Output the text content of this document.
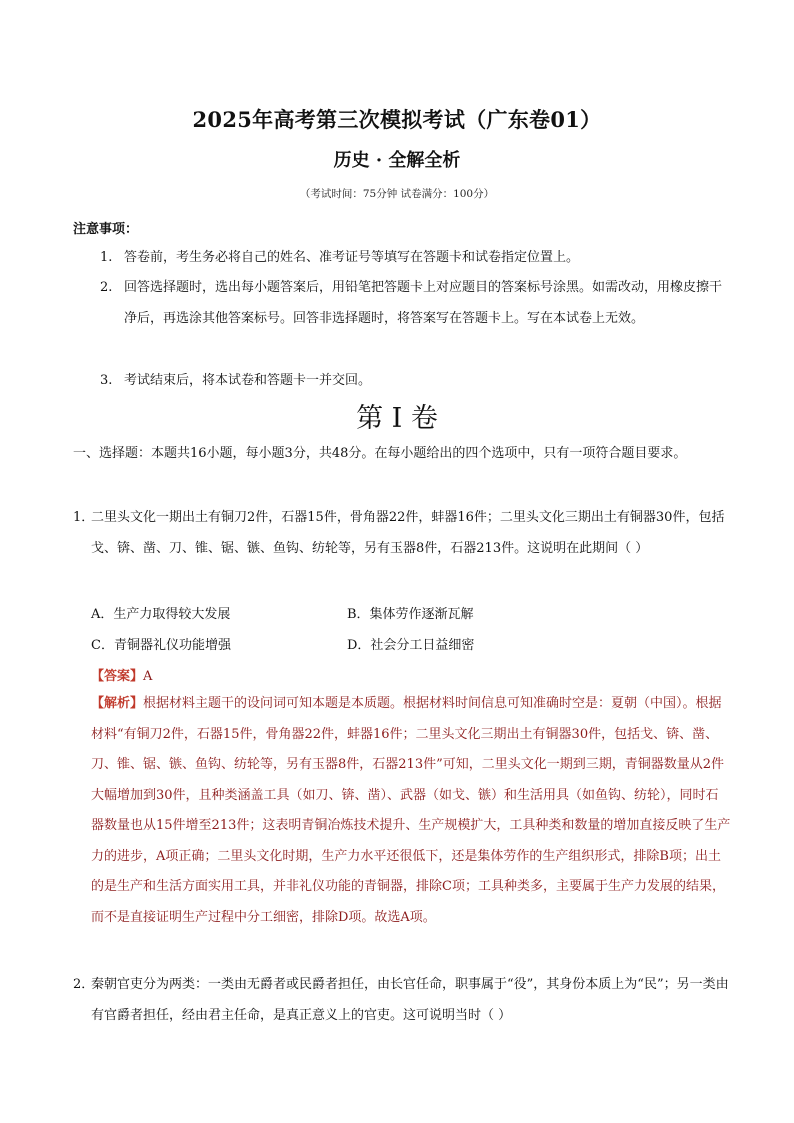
2025年高考第三次模拟考试（广东卷01）
历史 · 全解全析
（考试时间：75分钟 试卷满分：100分）
注意事项：
1. 答卷前，考生务必将自己的姓名、准考证号等填写在答题卡和试卷指定位置上。
2. 回答选择题时，选出每小题答案后，用铅笔把答题卡上对应题目的答案标号涂黑。如需改动，用橡皮擦干净后，再选涂其他答案标号。回答非选择题时，将答案写在答题卡上。写在本试卷上无效。
3. 考试结束后，将本试卷和答题卡一并交回。
第 I 卷
一、选择题：本题共16小题，每小题3分，共48分。在每小题给出的四个选项中，只有一项符合题目要求。
1．
二里头文化一期出土有铜刀2件，石器15件，骨角器22件，蚌器16件；二里头文化三期出土有铜器30件，包括戈、锛、凿、刀、锥、锯、镞、鱼钩、纺轮等，另有玉器8件，石器213件。这说明在此期间（ ）
A．生产力取得较大发展	B．集体劳作逐渐瓦解
C．青铜器礼仪功能增强	D．社会分工日益细密
【答案】A
【解析】根据材料主题干的设问词可知本题是本质题。根据材料时间信息可知准确时空是：夏朝（中国）。根据材料“有铜刀2件，石器15件，骨角器22件，蚌器16件；二里头文化三期出土有铜器30件，包括戈、锛、凿、刀、锥、锯、镞、鱼钩、纺轮等，另有玉器8件，石器213件”可知，二里头文化一期到三期，青铜器数量从2件大幅增加到30件，且种类涵盖工具（如刀、锛、凿）、武器（如戈、镞）和生活用具（如鱼钩、纺轮），同时石器数量也从15件增至213件；这表明青铜冶炼技术提升、生产规模扩大，工具种类和数量的增加直接反映了生产力的进步，A项正确；二里头文化时期，生产力水平还很低下，还是集体劳作的生产组织形式，排除B项；出土的是生产和生活方面实用工具，并非礼仪功能的青铜器，排除C项；工具种类多，主要属于生产力发展的结果，而不是直接证明生产过程中分工细密，排除D项。故选A项。
2．
秦朝官吏分为两类：一类由无爵者或民爵者担任，由长官任命，职事属于“役”，其身份本质上为“民”；另一类由有官爵者担任，经由君主任命，是真正意义上的官吏。这可说明当时（ ）
